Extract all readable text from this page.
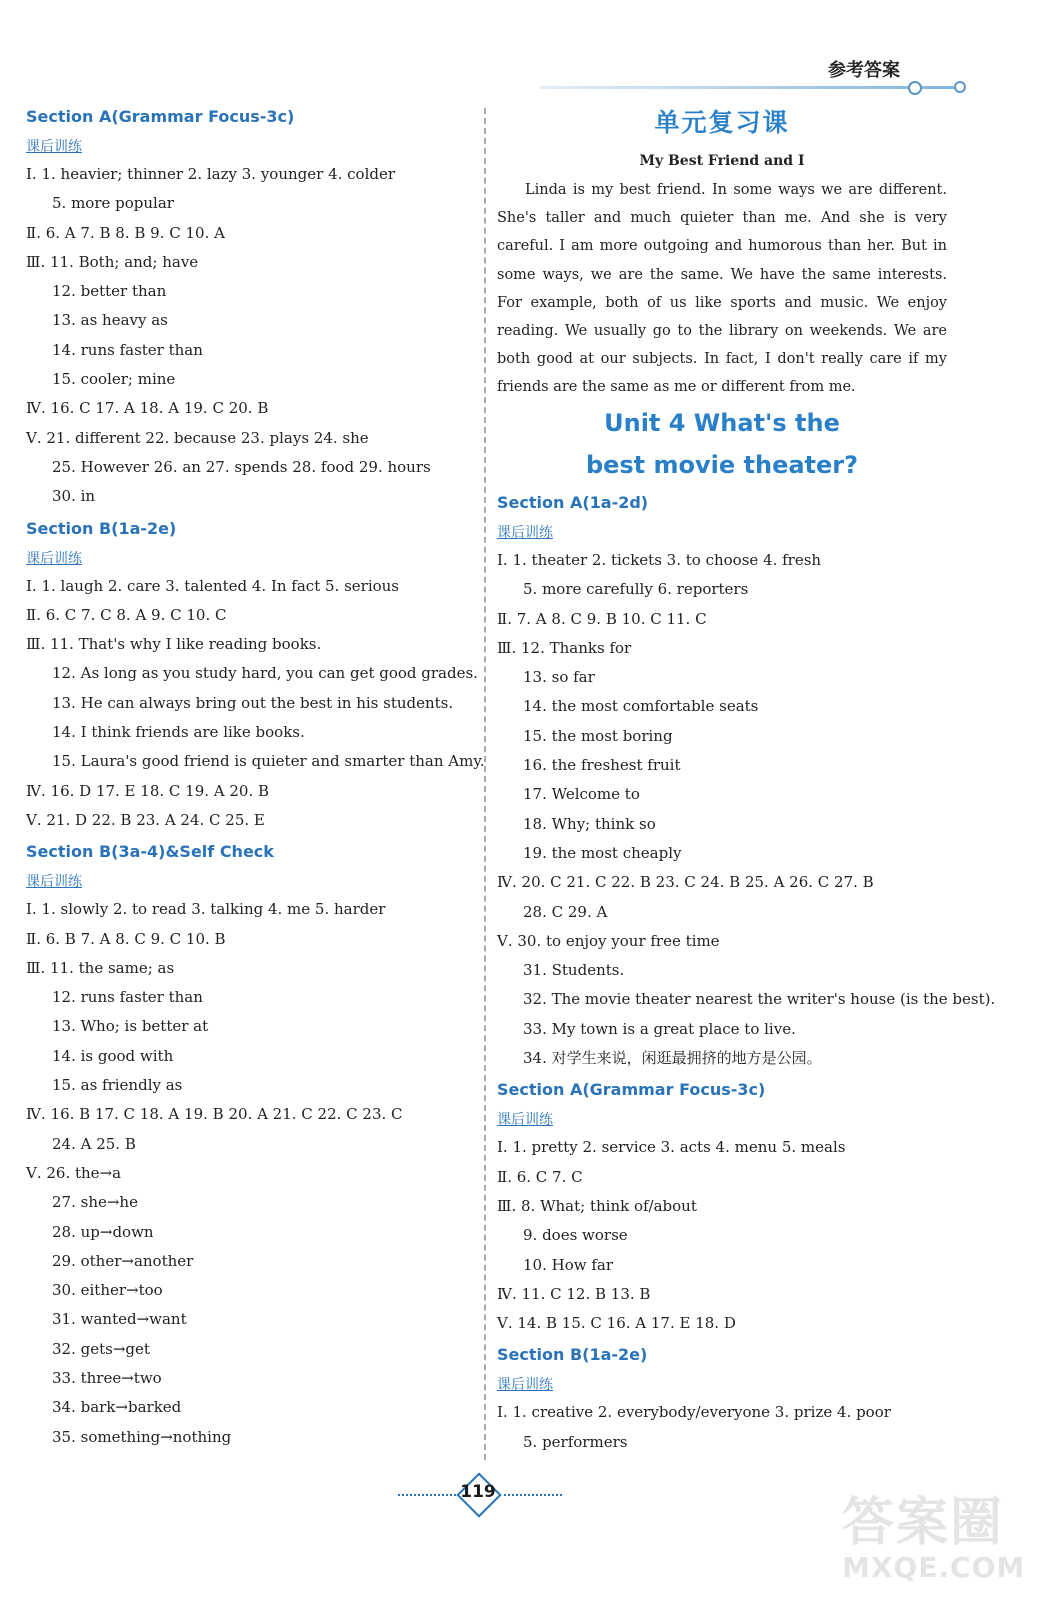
参考答案
Section A(Grammar Focus-3c)
课后训练
Ⅰ. 1. heavier; thinner 2. lazy 3. younger 4. colder
5. more popular
Ⅱ. 6. A 7. B 8. B 9. C 10. A
Ⅲ. 11. Both; and; have
12. better than
13. as heavy as
14. runs faster than
15. cooler; mine
Ⅳ. 16. C 17. A 18. A 19. C 20. B
Ⅴ. 21. different 22. because 23. plays 24. she
25. However 26. an 27. spends 28. food 29. hours
30. in
Section B(1a-2e)
课后训练
Ⅰ. 1. laugh 2. care 3. talented 4. In fact 5. serious
Ⅱ. 6. C 7. C 8. A 9. C 10. C
Ⅲ. 11. That's why I like reading books.
12. As long as you study hard, you can get good grades.
13. He can always bring out the best in his students.
14. I think friends are like books.
15. Laura's good friend is quieter and smarter than Amy.
Ⅳ. 16. D 17. E 18. C 19. A 20. B
Ⅴ. 21. D 22. B 23. A 24. C 25. E
Section B(3a-4)&Self Check
课后训练
Ⅰ. 1. slowly 2. to read 3. talking 4. me 5. harder
Ⅱ. 6. B 7. A 8. C 9. C 10. B
Ⅲ. 11. the same; as
12. runs faster than
13. Who; is better at
14. is good with
15. as friendly as
Ⅳ. 16. B 17. C 18. A 19. B 20. A 21. C 22. C 23. C
24. A 25. B
Ⅴ. 26. the→a
27. she→he
28. up→down
29. other→another
30. either→too
31. wanted→want
32. gets→get
33. three→two
34. bark→barked
35. something→nothing
单元复习课
My Best Friend and I
Linda is my best friend. In some ways we are different. She's taller and much quieter than me. And she is very careful. I am more outgoing and humorous than her. But in some ways, we are the same. We have the same interests. For example, both of us like sports and music. We enjoy reading. We usually go to the library on weekends. We are both good at our subjects. In fact, I don't really care if my friends are the same as me or different from me.
Unit 4 What's the
best movie theater?
Section A(1a-2d)
课后训练
Ⅰ. 1. theater 2. tickets 3. to choose 4. fresh
5. more carefully 6. reporters
Ⅱ. 7. A 8. C 9. B 10. C 11. C
Ⅲ. 12. Thanks for
13. so far
14. the most comfortable seats
15. the most boring
16. the freshest fruit
17. Welcome to
18. Why; think so
19. the most cheaply
Ⅳ. 20. C 21. C 22. B 23. C 24. B 25. A 26. C 27. B
28. C 29. A
Ⅴ. 30. to enjoy your free time
31. Students.
32. The movie theater nearest the writer's house (is the best).
33. My town is a great place to live.
34. 对学生来说，闲逛最拥挤的地方是公园。
Section A(Grammar Focus-3c)
课后训练
Ⅰ. 1. pretty 2. service 3. acts 4. menu 5. meals
Ⅱ. 6. C 7. C
Ⅲ. 8. What; think of/about
9. does worse
10. How far
Ⅳ. 11. C 12. B 13. B
Ⅴ. 14. B 15. C 16. A 17. E 18. D
Section B(1a-2e)
课后训练
Ⅰ. 1. creative 2. everybody/everyone 3. prize 4. poor
5. performers
119
答案圈
MXQE.COM
